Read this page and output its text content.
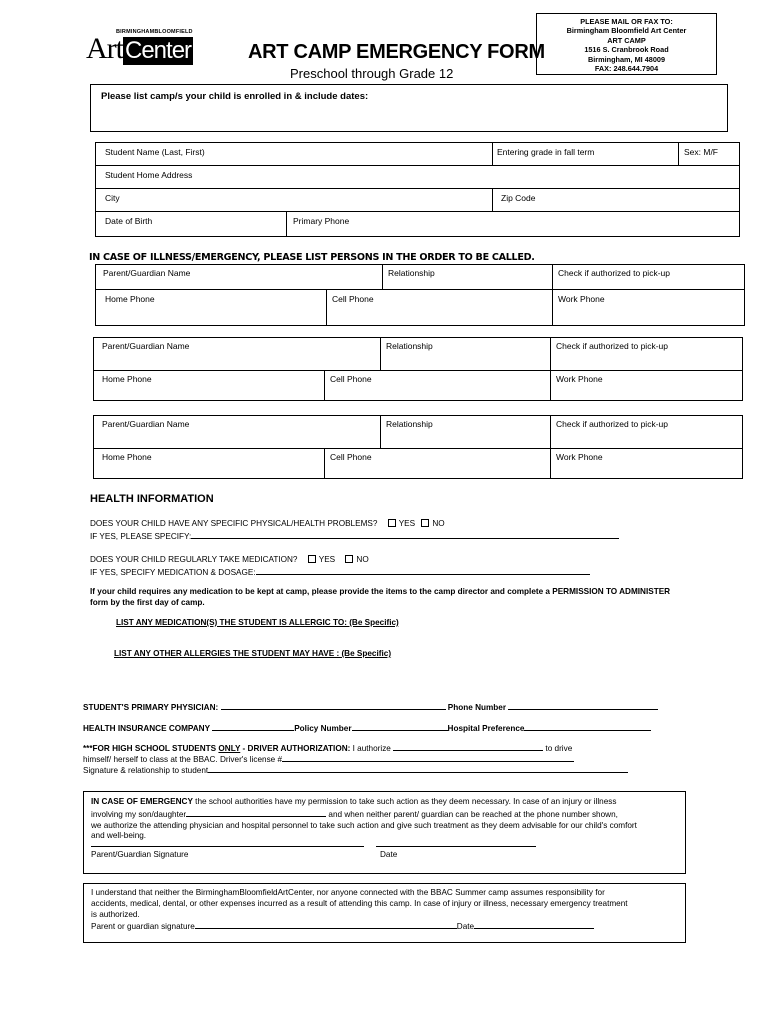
BIRMINGHAMBLOOMFIELD
ArtCenter	ART CAMP EMERGENCY FORM
Preschool through Grade 12
PLEASE MAIL OR FAX TO:
Birmingham Bloomfield Art Center
ART CAMP
1516 S. Cranbrook Road
Birmingham, MI 48009
FAX: 248.644.7904
Please list camp/s your child is enrolled in & include dates:
Student Name (Last, First)	Entering grade in fall term	Sex: M/F
Student Home Address
City	Zip Code
Date of Birth	Primary Phone
IN CASE OF ILLNESS/EMERGENCY, PLEASE LIST PERSONS IN THE ORDER TO BE CALLED.
Parent/Guardian Name	Relationship	Check if authorized to pick-up
Home Phone	Cell Phone	Work Phone
Parent/Guardian Name	Relationship	Check if authorized to pick-up
Home Phone	Cell Phone	Work Phone
Parent/Guardian Name	Relationship	Check if authorized to pick-up
Home Phone	Cell Phone	Work Phone
HEALTH INFORMATION
DOES YOUR CHILD HAVE ANY SPECIFIC PHYSICAL/HEALTH PROBLEMS?	YES NO
IF YES, PLEASE SPECIFY:
DOES YOUR CHILD REGULARLY TAKE MEDICATION?	YES	NO
IF YES, SPECIFY MEDICATION & DOSAGE:
If your child requires any medication to be kept at camp, please provide the items to the camp director and complete a PERMISSION TO ADMINISTER form by the first day of camp.
LIST ANY MEDICATION(S) THE STUDENT IS ALLERGIC TO: (Be Specific)
LIST ANY OTHER ALLERGIES THE STUDENT MAY HAVE : (Be Specific)
STUDENT'S PRIMARY PHYSICIAN:	Phone Number
HEALTH INSURANCE COMPANY	Policy Number	Hospital Preference
***FOR HIGH SCHOOL STUDENTS ONLY - DRIVER AUTHORIZATION: I authorize	to drive
himself/ herself to class at the BBAC. Driver's license #
Signature & relationship to student
IN CASE OF EMERGENCY the school authorities have my permission to take such action as they deem necessary. In case of an injury or illness
involving my son/daughter	and when neither parent/ guardian can be reached at the phone number shown,
we authorize the attending physician and hospital personnel to take such action and give such treatment as they deem advisable for our child's comfort
and well-being.
Parent/Guardian Signature	Date
I understand that neither the BirminghamBloomfieldArtCenter, nor anyone connected with the BBAC Summer camp assumes responsibility for
accidents, medical, dental, or other expenses incurred as a result of attending this camp. In case of injury or illness, necessary emergency treatment
is authorized.
Parent or guardian signature	Date
